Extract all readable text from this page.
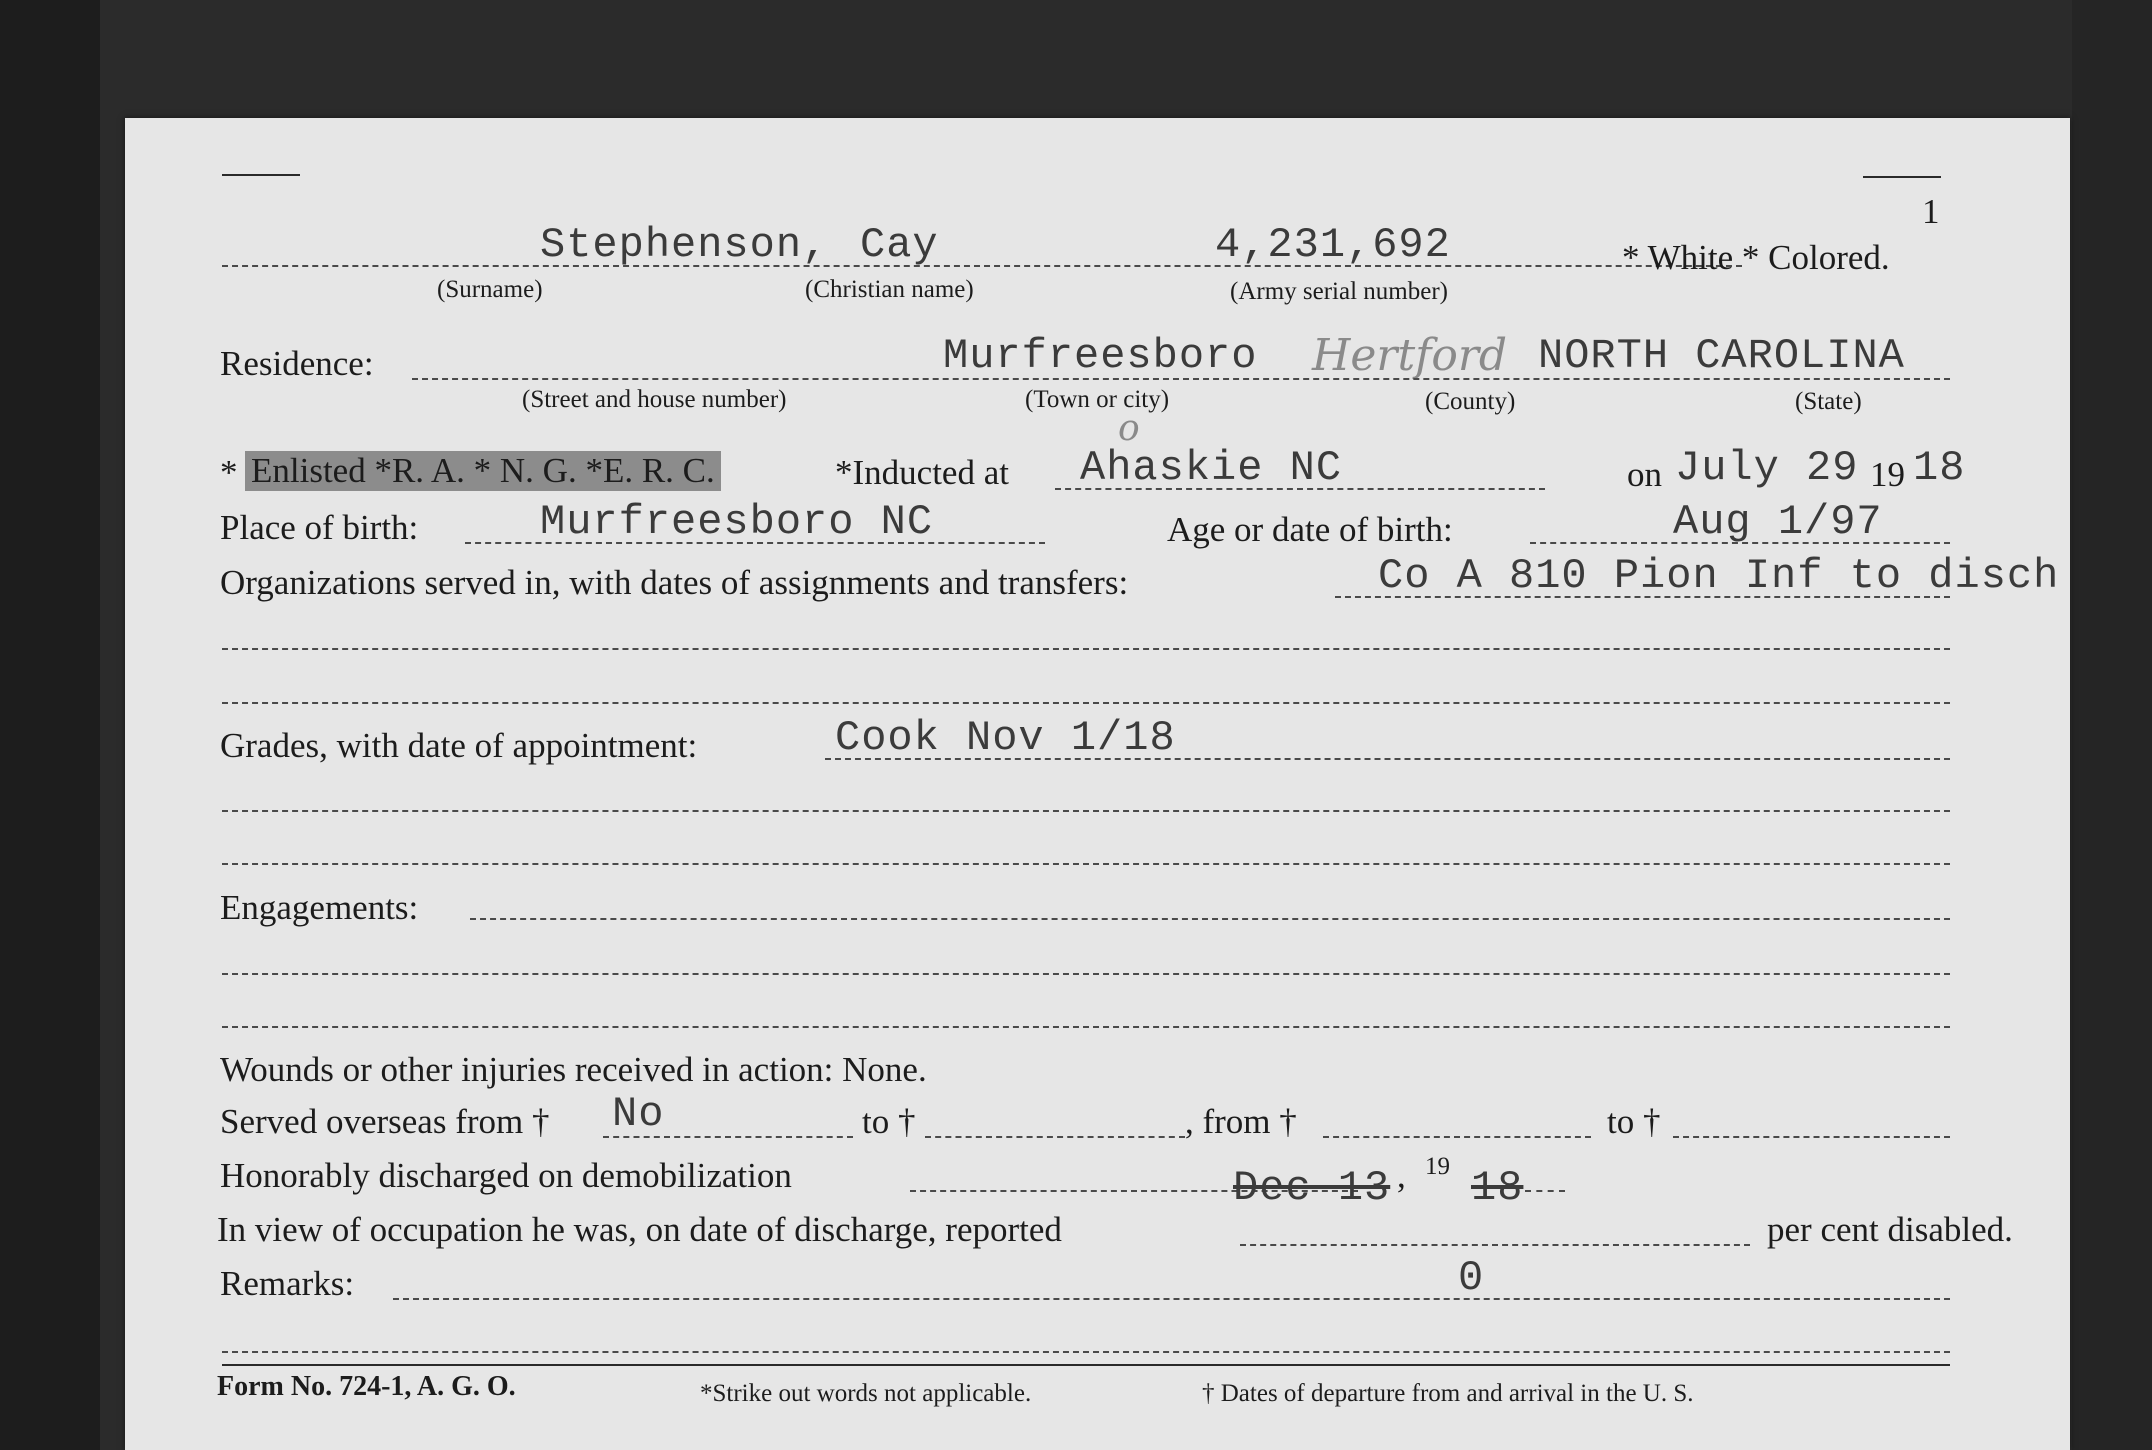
1
Stephenson, Cay	4,231,692	* White * Colored.
(Surname)	(Christian name)	(Army serial number)
Residence:	Murfreesboro Hertford NORTH CAROLINA
(Street and house number)	(Town or city)	(County)	(State)
* Enlisted *R. A. * N. G. *E. R. C.	*Inducted at
o
Ahaskie NC	on July 29 19 18
Place of birth:	Murfreesboro NC	Age or date of birth:	Aug 1/97
Organizations served in, with dates of assignments and transfers:	Co A 810 Pion Inf to disch
Grades, with date of appointment:	Cook Nov 1/18
Engagements:
Wounds or other injuries received in action: None.
Served overseas from † No	to †	, from †	to †
Honorably discharged on demobilization	Dec 13 , 19 18
In view of occupation he was, on date of discharge, reported	per cent disabled.
Remarks:	0
Form No. 724-1, A. G. O.	*Strike out words not applicable.	† Dates of departure from and arrival in the U. S.
